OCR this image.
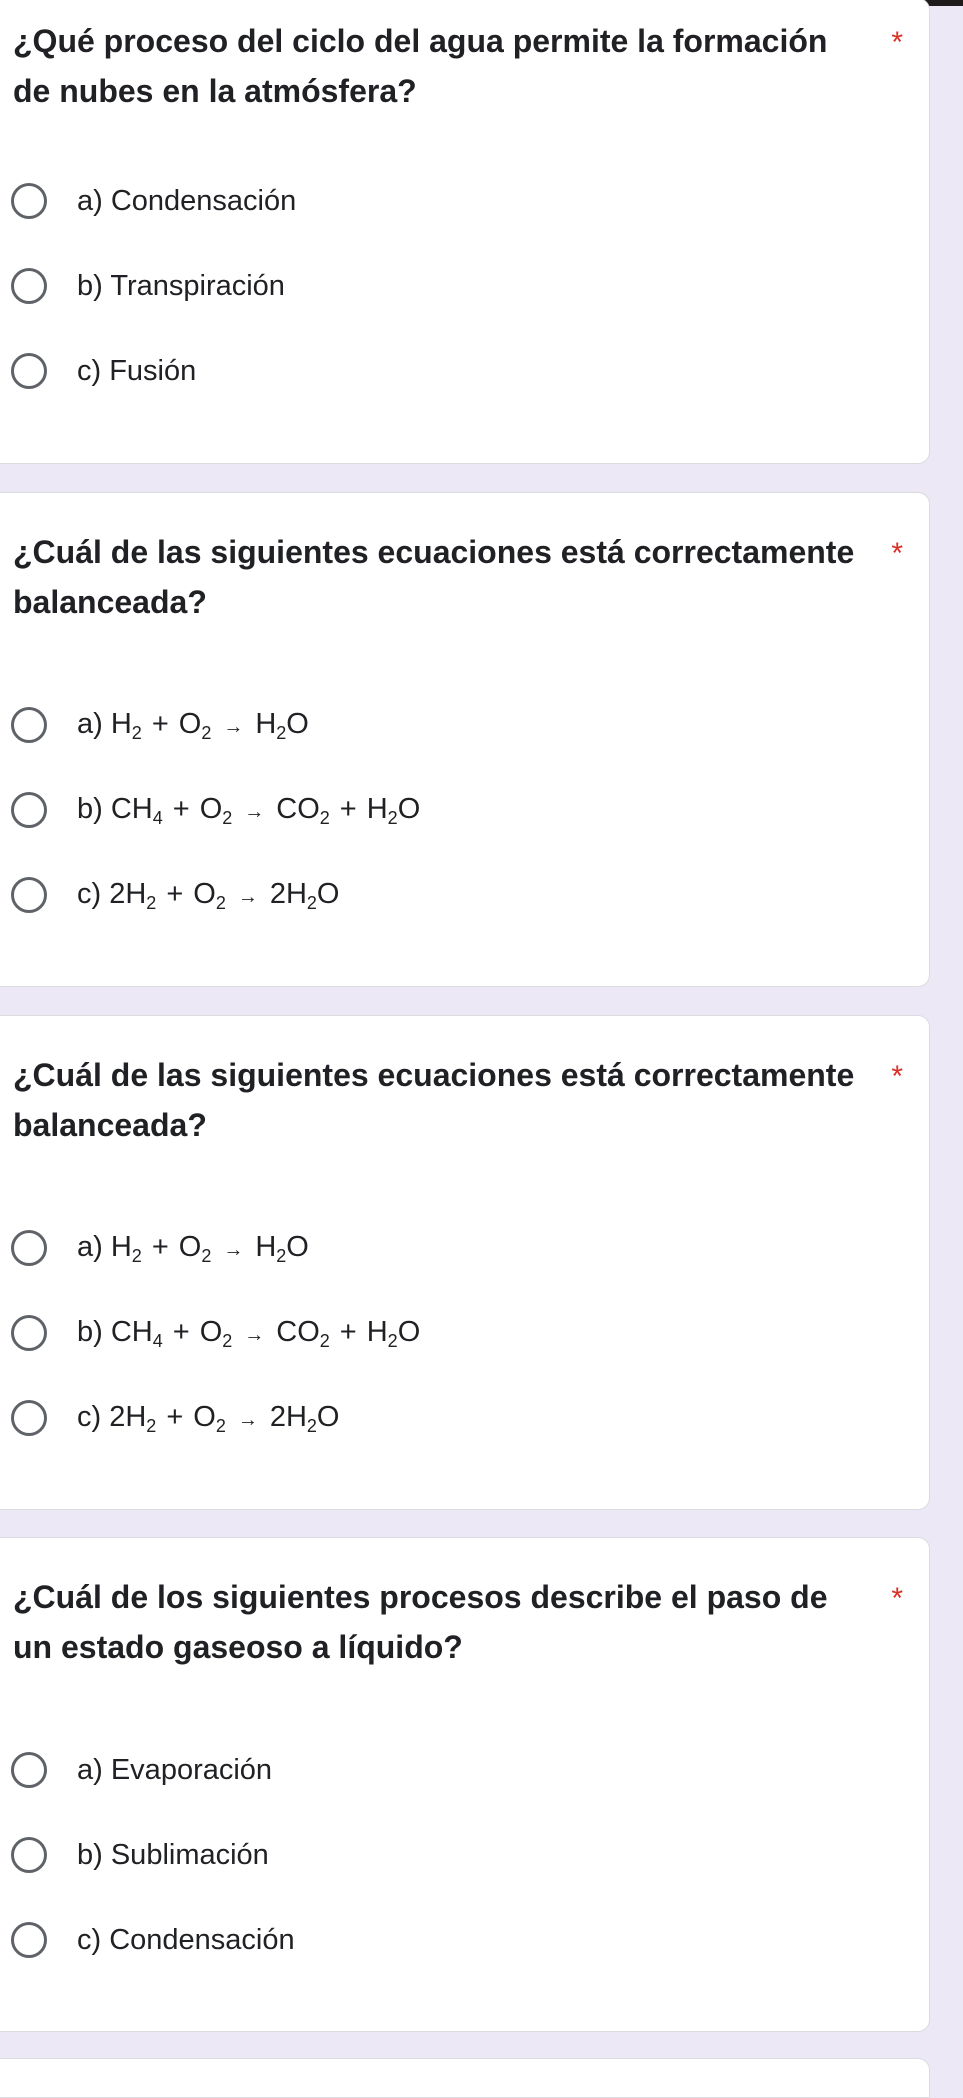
¿Qué proceso del ciclo del agua permite la formación de nubes en la atmósfera?
*
a) Condensación
b) Transpiración
c) Fusión
¿Cuál de las siguientes ecuaciones está correctamente balanceada?
*
a) $H_2 + O_2 \to H_2O$
b) $CH_4 + O_2 \to CO_2 + H_2O$
c) $2H_2 + O_2 \to 2H_2O$
¿Cuál de las siguientes ecuaciones está correctamente balanceada?
*
a) $H_2 + O_2 \to H_2O$
b) $CH_4 + O_2 \to CO_2 + H_2O$
c) $2H_2 + O_2 \to 2H_2O$
¿Cuál de los siguientes procesos describe el paso de un estado gaseoso a líquido?
*
a) Evaporación
b) Sublimación
c) Condensación
